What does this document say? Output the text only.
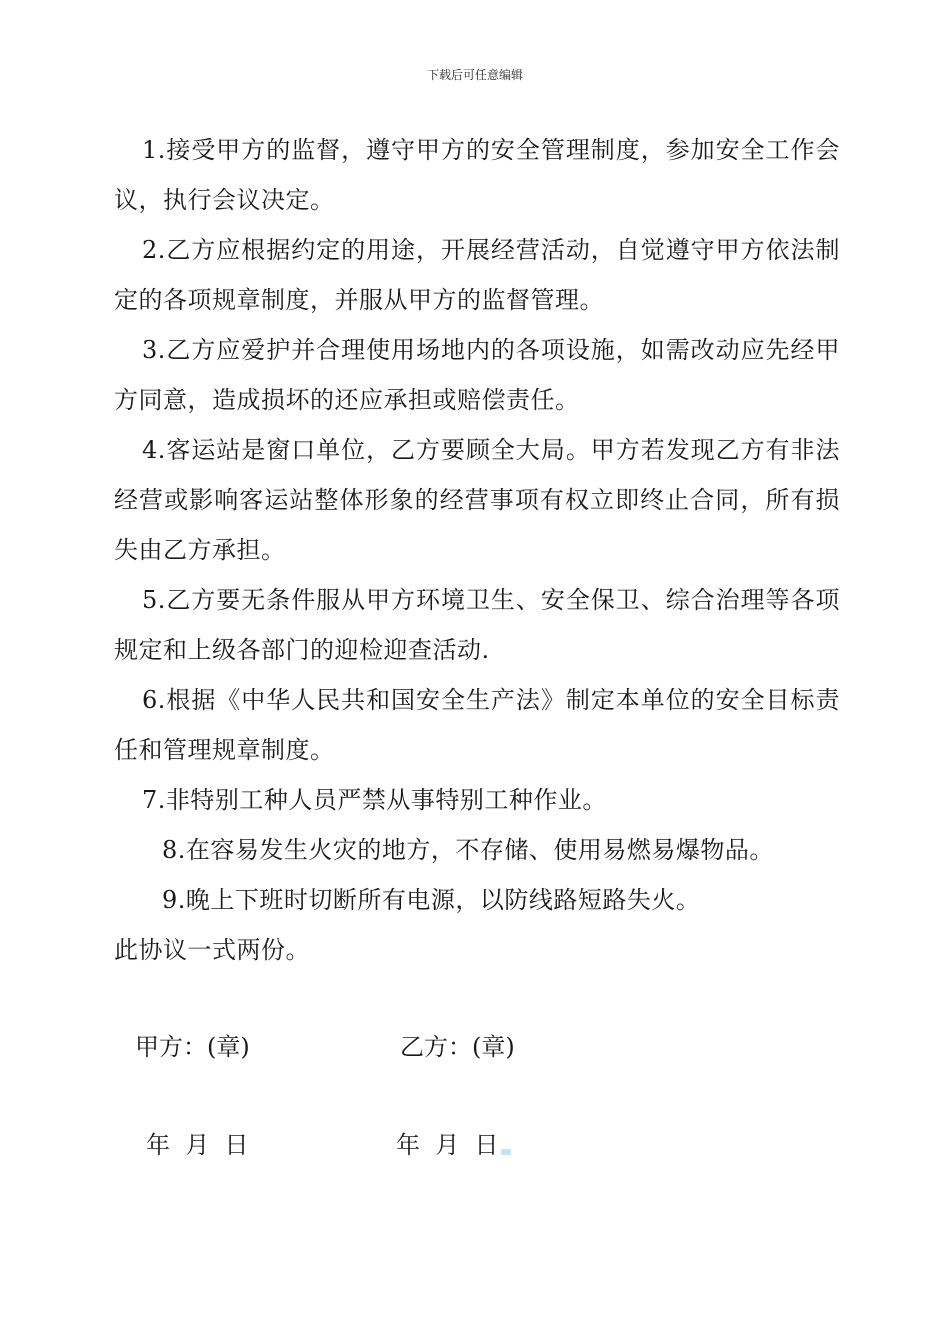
下载后可任意编辑

1.接受甲方的监督，遵守甲方的安全管理制度，参加安全工作会议，执行会议决定。

2.乙方应根据约定的用途，开展经营活动，自觉遵守甲方依法制定的各项规章制度，并服从甲方的监督管理。

3.乙方应爱护并合理使用场地内的各项设施，如需改动应先经甲方同意，造成损坏的还应承担或赔偿责任。

4.客运站是窗口单位，乙方要顾全大局。甲方若发现乙方有非法经营或影响客运站整体形象的经营事项有权立即终止合同，所有损失由乙方承担。

5.乙方要无条件服从甲方环境卫生、安全保卫、综合治理等各项规定和上级各部门的迎检迎查活动.

6.根据《中华人民共和国安全生产法》制定本单位的安全目标责任和管理规章制度。

7.非特别工种人员严禁从事特别工种作业。

8.在容易发生火灾的地方，不存储、使用易燃易爆物品。

9.晚上下班时切断所有电源，以防线路短路失火。

此协议一式两份。

甲方：(章)	乙方：(章)
年  月  日	年  月  日
